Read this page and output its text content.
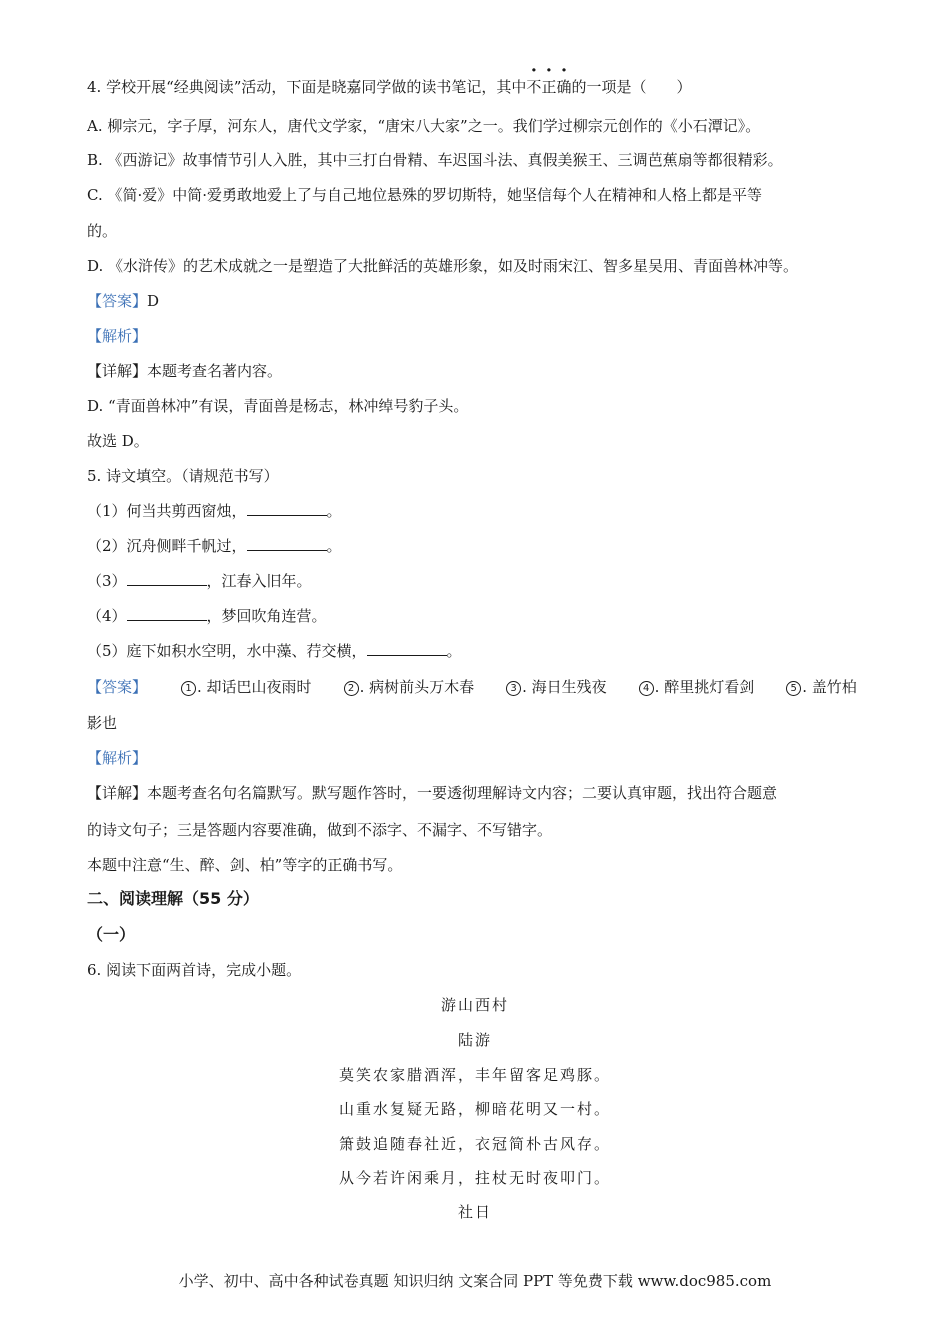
4. 学校开展“经典阅读”活动，下面是晓嘉同学做的读书笔记，其中不正确的一项是（　　）
A. 柳宗元，字子厚，河东人，唐代文学家，“唐宋八大家”之一。我们学过柳宗元创作的《小石潭记》。
B. 《西游记》故事情节引人入胜，其中三打白骨精、车迟国斗法、真假美猴王、三调芭蕉扇等都很精彩。
C. 《简·爱》中简·爱勇敢地爱上了与自己地位悬殊的罗切斯特，她坚信每个人在精神和人格上都是平等
的。
D. 《水浒传》的艺术成就之一是塑造了大批鲜活的英雄形象，如及时雨宋江、智多星吴用、青面兽林冲等。
【答案】D
【解析】
【详解】本题考查名著内容。
D. “青面兽林冲”有误，青面兽是杨志，林冲绰号豹子头。
故选 D。
5. 诗文填空。（请规范书写）
（1）何当共剪西窗烛，	。
（2）沉舟侧畔千帆过，	。
（3）	，江春入旧年。
（4）	，梦回吹角连营。
（5）庭下如积水空明，水中藻、荇交横，	。
【答案】	1 . 却话巴山夜雨时	2 . 病树前头万木春	3 . 海日生残夜	4 . 醉里挑灯看剑	5 . 盖竹柏
影也
【解析】
【详解】本题考查名句名篇默写。默写题作答时，一要透彻理解诗文内容；二要认真审题，找出符合题意
的诗文句子；三是答题内容要准确，做到不添字、不漏字、不写错字。
本题中注意“生、醉、剑、柏”等字的正确书写。
二、阅读理解（55 分）
（一）
6. 阅读下面两首诗，完成小题。
游山西村
陆游
莫笑农家腊酒浑，丰年留客足鸡豚。
山重水复疑无路，柳暗花明又一村。
箫鼓追随春社近，衣冠简朴古风存。
从今若许闲乘月，拄杖无时夜叩门。
社日
小学、初中、高中各种试卷真题 知识归纳 文案合同 PPT 等免费下载 www.doc985.com
